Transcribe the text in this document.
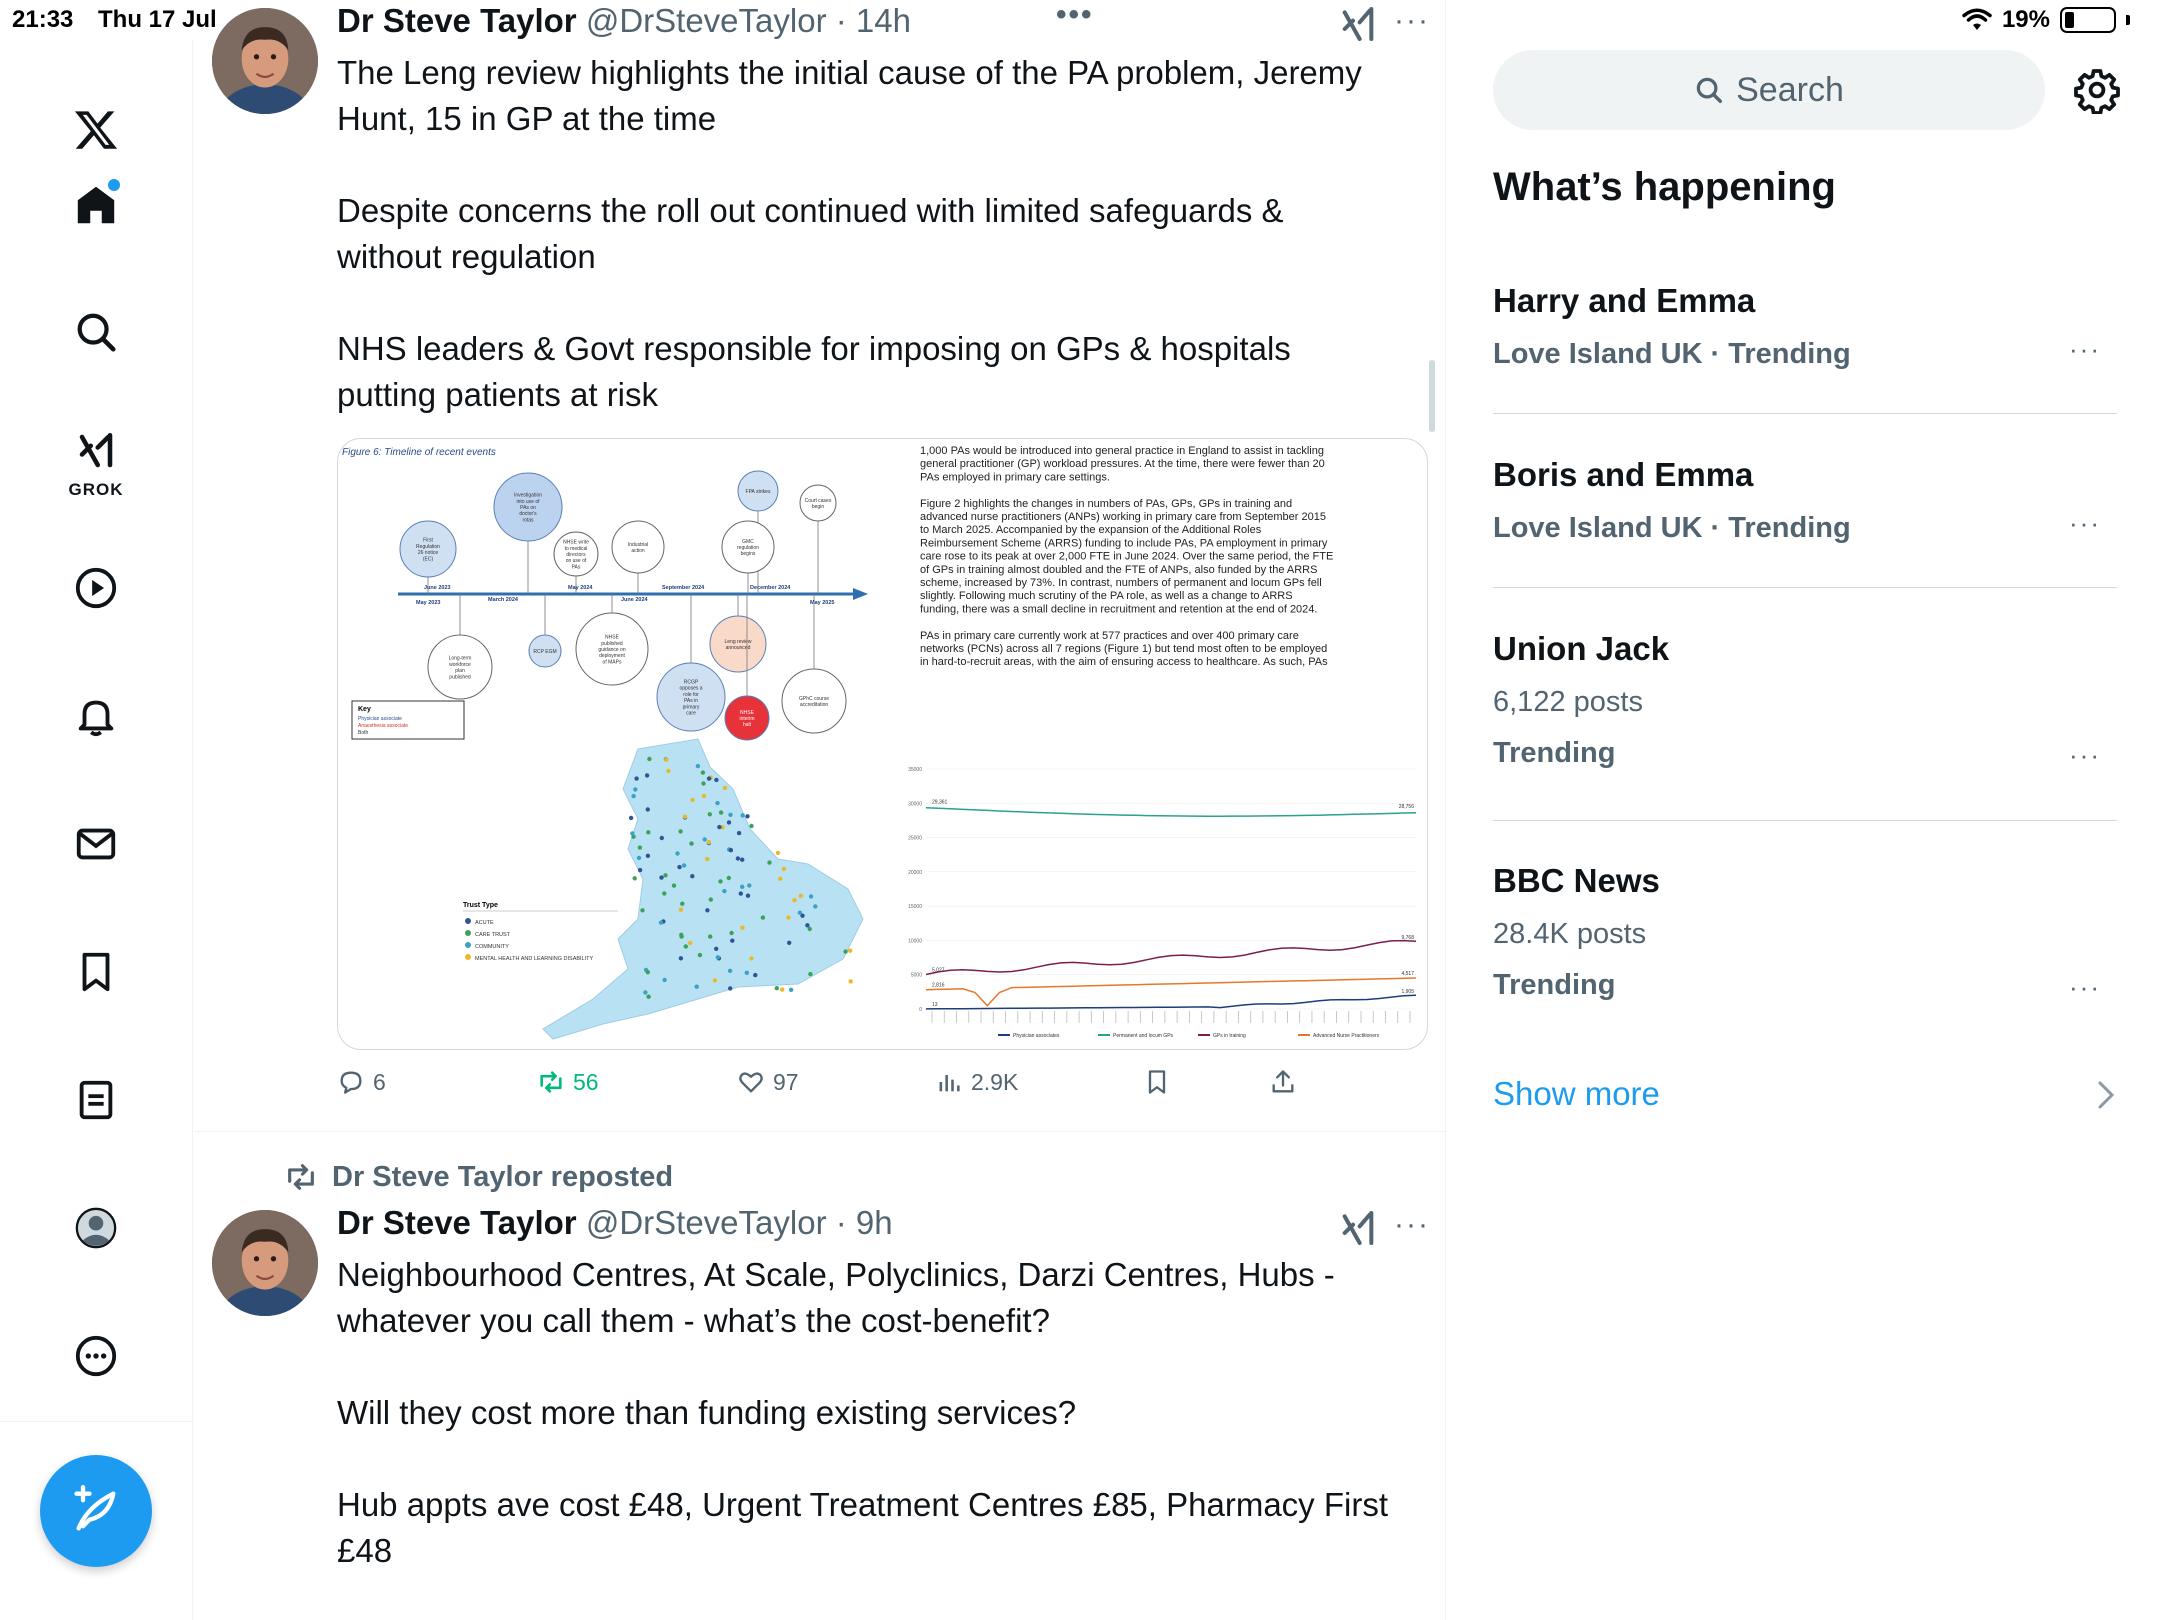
21:33 Thu 17 Jul	19%
GROK
Dr Steve Taylor @DrSteveTaylor · 14h	•••	···

The Leng review highlights the initial cause of the PA problem, Jeremy Hunt, 15 in GP at the time

Despite concerns the roll out continued with limited safeguards & without regulation

NHS leaders & Govt responsible for imposing on GPs & hospitals putting patients at risk

Figure 6: Timeline of recent events
First
Regulation
26 notice
(EC)
Investigation
into use of
PAs on
doctor's
rotas
NHSE write
to medical
directors
on use of
PAs
Industrial
action
FPA strikes
GMC
regulation
begins
Court cases
begin
Long-term
workforce
plan
published
RCP EGM
NHSE
published
guidance on
deployment
of MAPs
RCGP
opposes a
role for
PAs in
primary
care
Leng review
announced
NHSE
interim
halt
GPhC course
accreditation
June 2023
March 2024
May 2024
June 2024
September 2024	December 2024
May 2023	May 2025
Key
Physician associate
Anaesthesia associate
Both
1,000 PAs would be introduced into general practice in England to assist in tackling
general practitioner (GP) workload pressures. At the time, there were fewer than 20
PAs employed in primary care settings.
Figure 2 highlights the changes in numbers of PAs, GPs, GPs in training and
advanced nurse practitioners (ANPs) working in primary care from September 2015
to March 2025. Accompanied by the expansion of the Additional Roles
Reimbursement Scheme (ARRS) funding to include PAs, PA employment in primary
care rose to its peak at over 2,000 FTE in June 2024. Over the same period, the FTE
of GPs in training almost doubled and the FTE of ANPs, also funded by the ARRS
scheme, increased by 73%. In contrast, numbers of permanent and locum GPs fell
slightly. Following much scrutiny of the PA role, as well as a change to ARRS
funding, there was a small decline in recruitment and retention at the end of 2024.
PAs in primary care currently work at 577 practices and over 400 primary care
networks (PCNs) across all 7 regions (Figure 1) but tend most often to be employed
in hard-to-recruit areas, with the aim of ensuring access to healthcare. As such, PAs
Trust Type
ACUTE
CARE TRUST
COMMUNITY
MENTAL HEALTH AND LEARNING DISABILITY
35000
30000
25000
20000
15000
10000
5000
0
29,361
28,756
5,027
9,768
2,816
4,517
13
1,905
Physician associates	Permanent and locum GPs	GPs in training	Advanced Nurse Practitioners
6	56	97	2.9K
Dr Steve Taylor reposted
Dr Steve Taylor @DrSteveTaylor · 9h	···

Neighbourhood Centres, At Scale, Polyclinics, Darzi Centres, Hubs - whatever you call them - what’s the cost-benefit?

Will they cost more than funding existing services?

Hub appts ave cost £48, Urgent Treatment Centres £85, Pharmacy First £48

Search
What’s happening
Harry and Emma
Love Island UK · Trending	···
Boris and Emma
Love Island UK · Trending	···
Union Jack
6,122 posts
Trending	···
BBC News
28.4K posts
Trending	···
Show more
